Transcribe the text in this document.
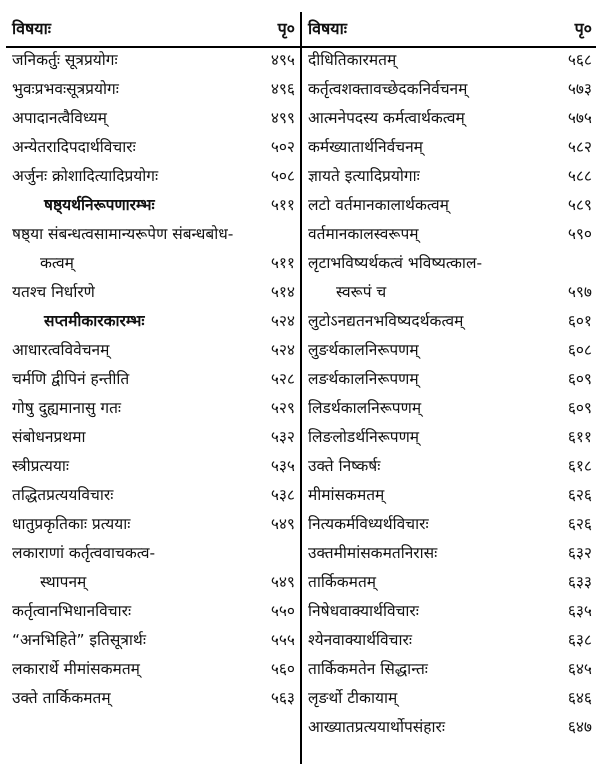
विषयाः	पृ०
जनिकर्तुः सूत्रप्रयोगः	४९५
भुवःप्रभवःसूत्रप्रयोगः	४९६
अपादानत्वैविध्यम्	४९९
अन्येतरादिपदार्थविचारः	५०२
अर्जुनः क्रोशादित्यादिप्रयोगः	५०८
षष्ठ्यर्थनिरूपणारम्भः	५११
षष्ठ्या संबन्धत्वसामान्यरूपेण संबन्धबोध-
कत्वम्	५११
यतश्च निर्धारणे	५१४
सप्तमीकारकारम्भः	५२४
आधारत्वविवेचनम्	५२४
चर्मणि द्वीपिनं हन्तीति	५२८
गोषु दुह्यमानासु गतः	५२९
संबोधनप्रथमा	५३२
स्त्रीप्रत्ययाः	५३५
तद्धितप्रत्ययविचारः	५३८
धातुप्रकृतिकाः प्रत्ययाः	५४९
लकाराणां कर्तृत्ववाचकत्व-
स्थापनम्	५४९
कर्तृत्वानभिधानविचारः	५५०
“अनभिहिते” इतिसूत्रार्थः	५५५
लकारार्थे मीमांसकमतम्	५६०
उक्ते तार्किकमतम्	५६३
विषयाः	पृ०
दीधितिकारमतम्	५६८
कर्तृत्वशक्तावच्छेदकनिर्वचनम्	५७३
आत्मनेपदस्य कर्मत्वार्थकत्वम्	५७५
कर्मख्यातार्थनिर्वचनम्	५८२
ज्ञायते इत्यादिप्रयोगाः	५८८
लटो वर्तमानकालार्थकत्वम्	५८९
वर्तमानकालस्वरूपम्	५९०
लृटाभविष्यर्थकत्वं भविष्यत्काल-
स्वरूपं च	५९७
लुटोऽनद्यतनभविष्यदर्थकत्वम्	६०१
लुङर्थकालनिरूपणम्	६०८
लङर्थकालनिरूपणम्	६०९
लिडर्थकालनिरूपणम्	६०९
लिङलोडर्थनिरूपणम्	६११
उक्ते निष्कर्षः	६१८
मीमांसकमतम्	६२६
नित्यकर्मविध्यर्थविचारः	६२६
उक्तमीमांसकमतनिरासः	६३२
तार्किकमतम्	६३३
निषेधवाक्यार्थविचारः	६३५
श्येनवाक्यार्थविचारः	६३८
तार्किकमतेन सिद्धान्तः	६४५
लृङर्थो टीकायाम्	६४६
आख्यातप्रत्ययार्थोपसंहारः	६४७
